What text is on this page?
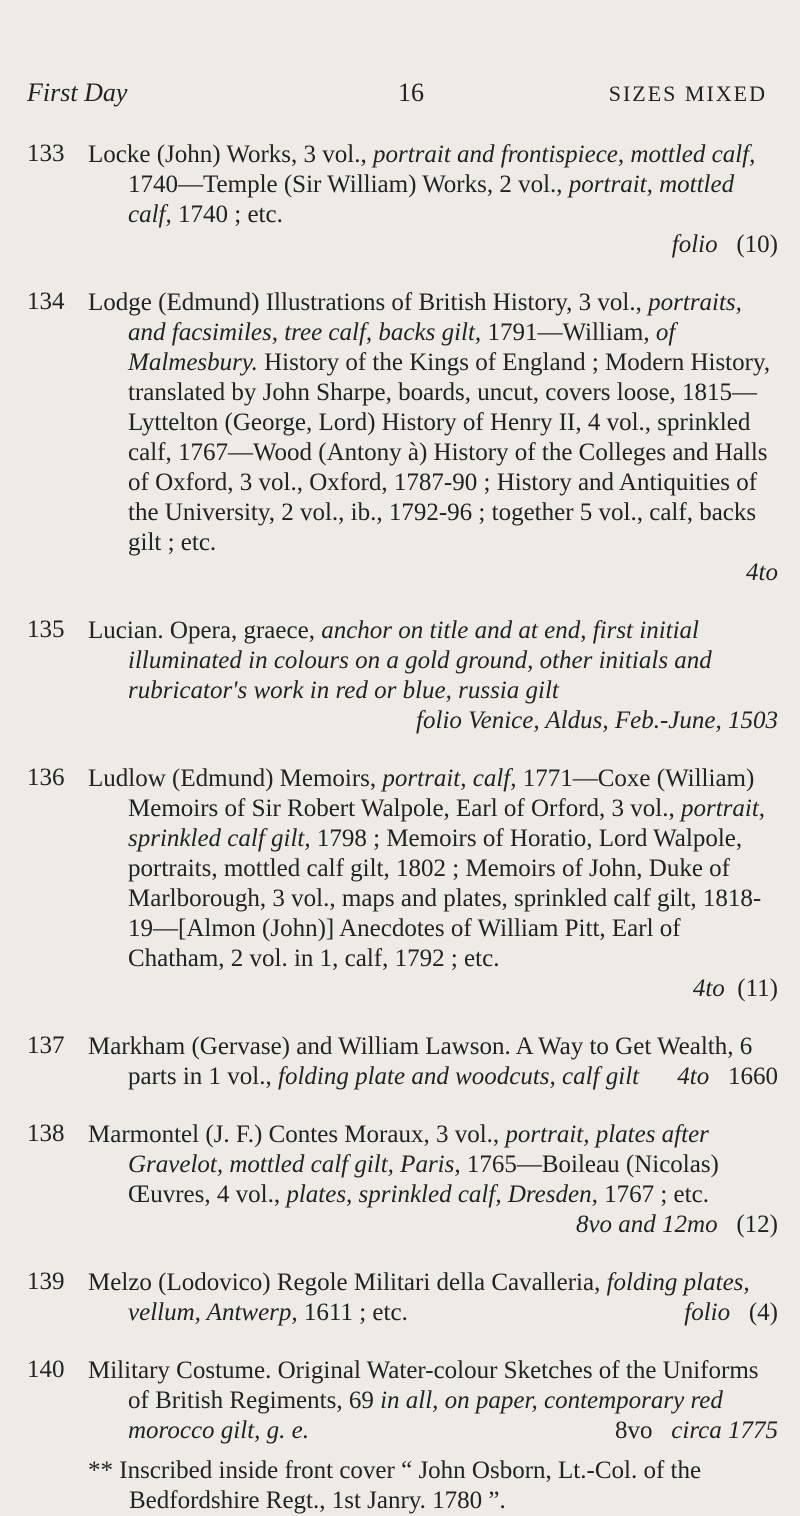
First Day	16	SIZES MIXED
133 Locke (John) Works, 3 vol., portrait and frontispiece, mottled calf, 1740—Temple (Sir William) Works, 2 vol., portrait, mottled calf, 1740 ; etc.
folio (10)
134 Lodge (Edmund) Illustrations of British History, 3 vol., portraits, and facsimiles, tree calf, backs gilt, 1791—William, of Malmesbury. History of the Kings of England ; Modern History, translated by John Sharpe, boards, uncut, covers loose, 1815—Lyttelton (George, Lord) History of Henry II, 4 vol., sprinkled calf, 1767—Wood (Antony à) History of the Colleges and Halls of Oxford, 3 vol., Oxford, 1787-90 ; History and Antiquities of the University, 2 vol., ib., 1792-96 ; together 5 vol., calf, backs gilt ; etc.
4to
135 Lucian. Opera, graece, anchor on title and at end, first initial illuminated in colours on a gold ground, other initials and rubricator's work in red or blue, russia gilt
folio Venice, Aldus, Feb.-June, 1503
136 Ludlow (Edmund) Memoirs, portrait, calf, 1771—Coxe (William) Memoirs of Sir Robert Walpole, Earl of Orford, 3 vol., portrait, sprinkled calf gilt, 1798 ; Memoirs of Horatio, Lord Walpole, portraits, mottled calf gilt, 1802 ; Memoirs of John, Duke of Marlborough, 3 vol., maps and plates, sprinkled calf gilt, 1818-19—[Almon (John)] Anecdotes of William Pitt, Earl of Chatham, 2 vol. in 1, calf, 1792 ; etc.
4to (11)
137 Markham (Gervase) and William Lawson. A Way to Get Wealth, 6 parts in 1 vol., folding plate and woodcuts, calf gilt	4to 1660
138 Marmontel (J. F.) Contes Moraux, 3 vol., portrait, plates after Gravelot, mottled calf gilt, Paris, 1765—Boileau (Nicolas) Œuvres, 4 vol., plates, sprinkled calf, Dresden, 1767 ; etc.
8vo and 12mo (12)
139 Melzo (Lodovico) Regole Militari della Cavalleria, folding plates, vellum, Antwerp, 1611 ; etc.	folio (4)
140 Military Costume. Original Water-colour Sketches of the Uniforms of British Regiments, 69 in all, on paper, contemporary red morocco gilt, g. e.	8vo circa 1775
** Inscribed inside front cover “ John Osborn, Lt.-Col. of the Bedfordshire Regt., 1st Janry. 1780 ”.
